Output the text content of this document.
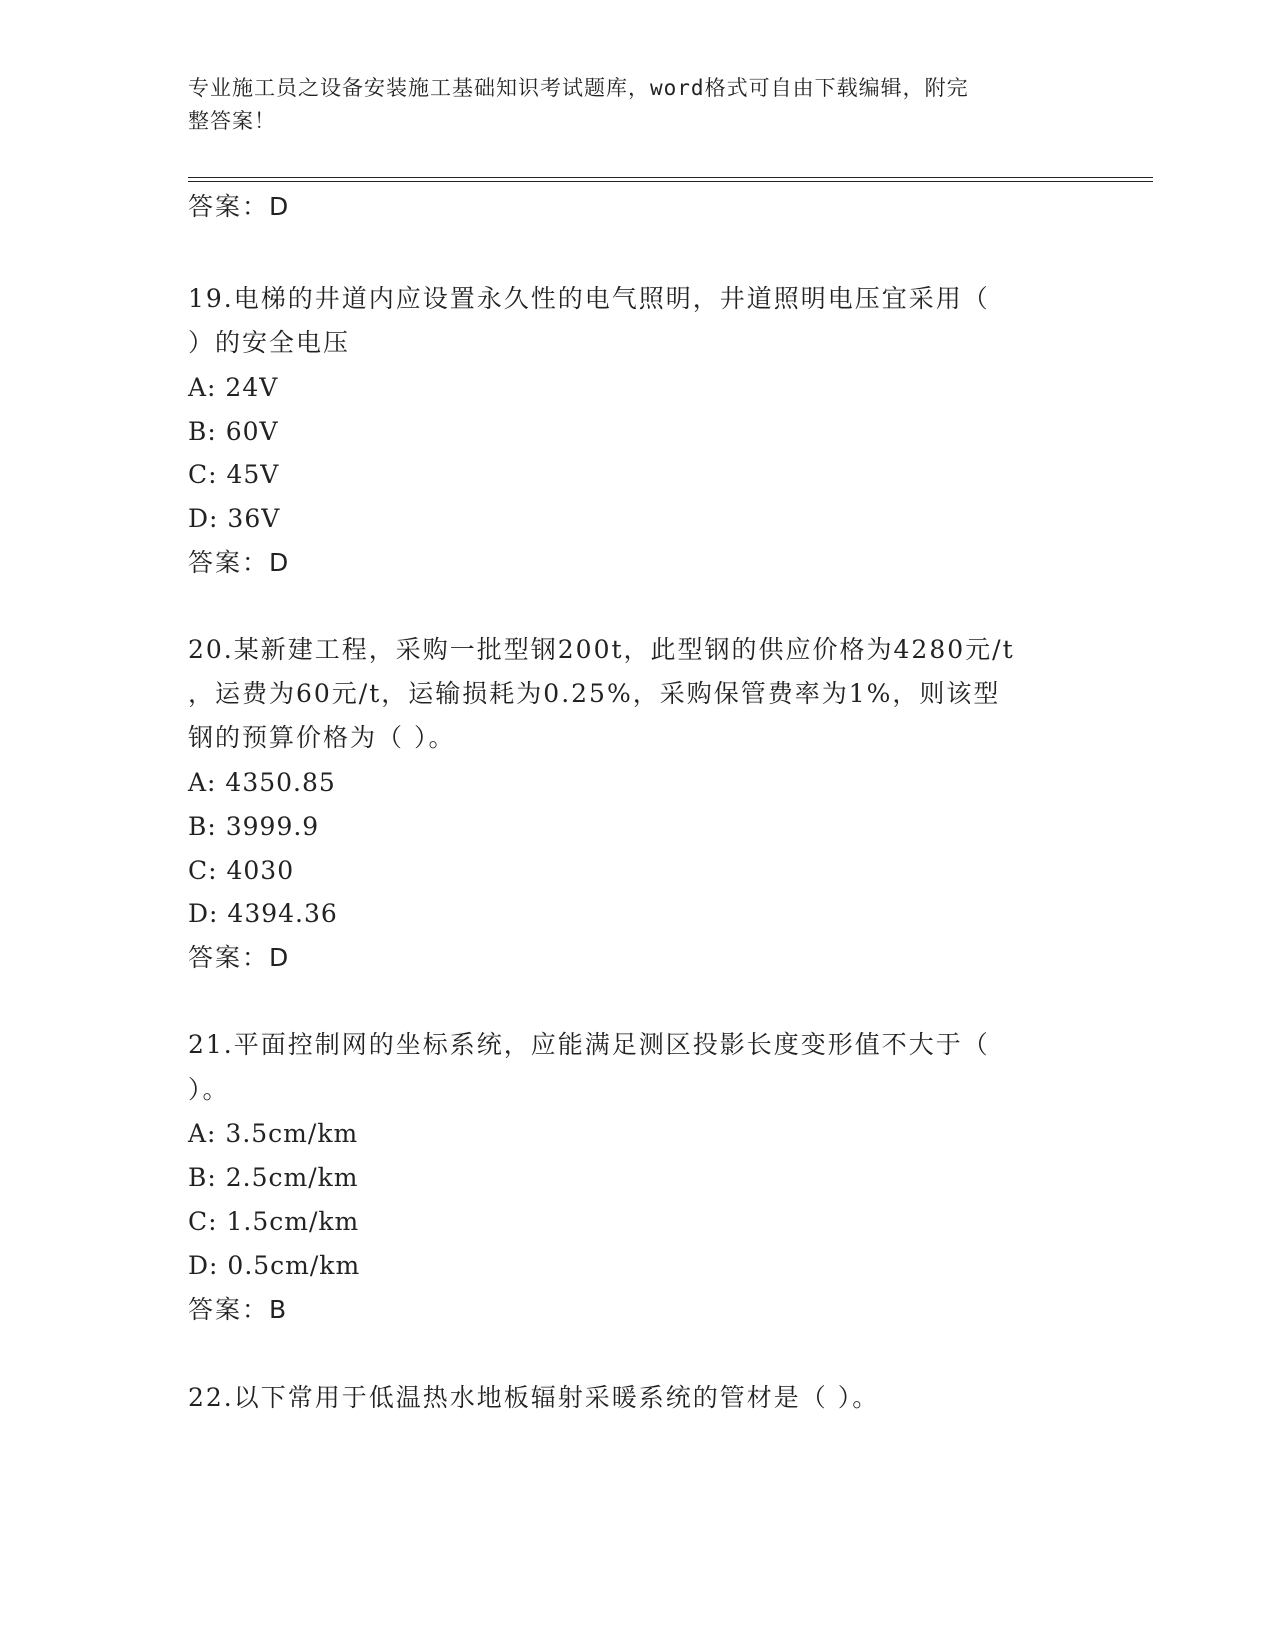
专业施工员之设备安装施工基础知识考试题库，word格式可自由下载编辑，附完
整答案！
答案：D
19.电梯的井道内应设置永久性的电气照明，井道照明电压宜采用（
）的安全电压
A: 24V
B: 60V
C: 45V
D: 36V
答案：D
20.某新建工程，采购一批型钢200t，此型钢的供应价格为4280元/t
，运费为60元/t，运输损耗为0.25%，采购保管费率为1%，则该型
钢的预算价格为（ ）。
A: 4350.85
B: 3999.9
C: 4030
D: 4394.36
答案：D
21.平面控制网的坐标系统，应能满足测区投影长度变形值不大于（
）。
A: 3.5cm/km
B: 2.5cm/km
C: 1.5cm/km
D: 0.5cm/km
答案：B
22.以下常用于低温热水地板辐射采暖系统的管材是（ ）。
